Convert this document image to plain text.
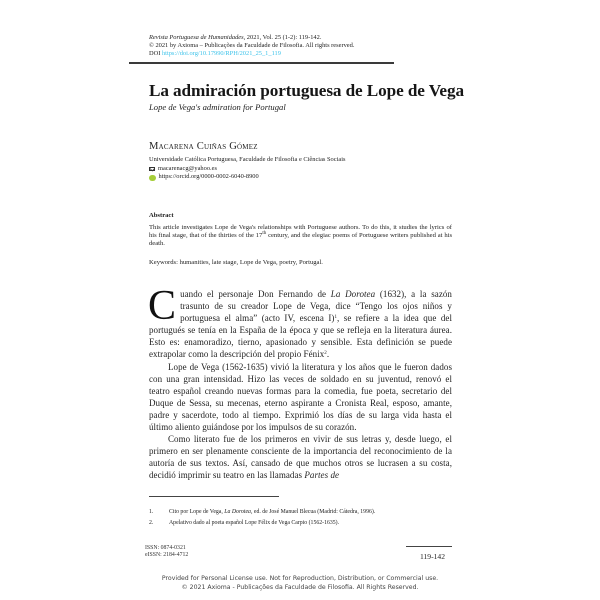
Revista Portuguesa de Humanidades, 2021, Vol. 25 (1-2): 119-142.
© 2021 by Axioma – Publicações da Faculdade de Filosofia. All rights reserved.
DOI https://doi.org/10.17990/RPH/2021_25_1_119
La admiración portuguesa de Lope de Vega
Lope de Vega's admiration for Portugal
Macarena Cuiñas Gómez
Universidade Católica Portuguesa, Faculdade de Filosofia e Ciências Sociais
macarenacg@yahoo.es
https://orcid.org/0000-0002-6040-8900
Abstract
This article investigates Lope de Vega's relationships with Portuguese authors. To do this, it studies the lyrics of his final stage, that of the thirties of the 17th century, and the elegiac poems of Portuguese writers published at his death.
Keywords: humanities, late stage, Lope de Vega, poetry, Portugal.

Cuando el personaje Don Fernando de La Dorotea (1632), a la sazón trasunto de su creador Lope de Vega, dice “Tengo los ojos niños y portuguesa el alma” (acto IV, escena I)$^1$, se refiere a la idea que del portugués se tenía en la España de la época y que se refleja en la literatura áurea. Esto es: enamoradizo, tierno, apasionado y sensible. Esta definición se puede extrapolar como la descripción del propio Fénix$^2$.

Lope de Vega (1562-1635) vivió la literatura y los años que le fueron dados con una gran intensidad. Hizo las veces de soldado en su juventud, renovó el teatro español creando nuevas formas para la comedia, fue poeta, secretario del Duque de Sessa, su mecenas, eterno aspirante a Cronista Real, esposo, amante, padre y sacerdote, todo al tiempo. Exprimió los días de su larga vida hasta el último aliento guiándose por los impulsos de su corazón.

Como literato fue de los primeros en vivir de sus letras y, desde luego, el primero en ser plenamente consciente de la importancia del reconocimiento de la autoría de sus textos. Así, cansado de que muchos otros se lucrasen a su costa, decidió imprimir su teatro en las llamadas Partes de

1.	Cito por Lope de Vega, La Dorotea, ed. de José Manuel Blecua (Madrid: Cátedra, 1996).
2.	Apelativo dado al poeta español Lope Félix de Vega Carpio (1562-1635).
ISSN: 0874-0321
eISSN: 2184-4712	119-142
Provided for Personal License use. Not for Reproduction, Distribution, or Commercial use.
© 2021 Axioma - Publicações da Faculdade de Filosofia. All Rights Reserved.
